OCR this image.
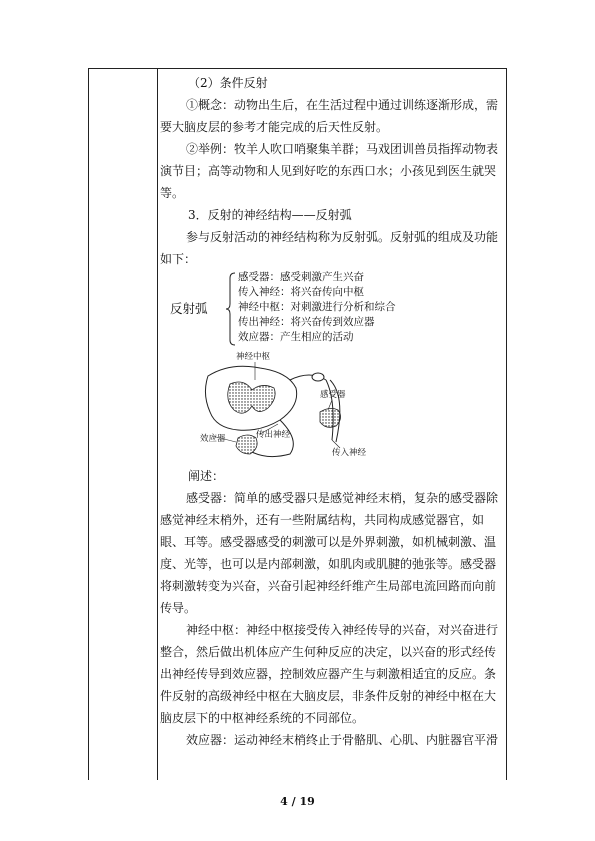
（2）条件反射

①概念：动物出生后，在生活过程中通过训练逐渐形成，需要大脑皮层的参考才能完成的后天性反射。

②举例：牧羊人吹口哨聚集羊群；马戏团训兽员指挥动物表演节目；高等动物和人见到好吃的东西口水；小孩见到医生就哭等。

3．反射的神经结构——反射弧

参与反射活动的神经结构称为反射弧。反射弧的组成及功能如下：

反射弧
感受器：感受刺激产生兴奋
传入神经：将兴奋传向中枢
神经中枢：对刺激进行分析和综合
传出神经：将兴奋传到效应器
效应器：产生相应的活动
神经中枢
感受器
传出神经
效应器
传入神经

阐述：

感受器：简单的感受器只是感觉神经末梢，复杂的感受器除感觉神经末梢外，还有一些附属结构，共同构成感觉器官，如眼、耳等。感受器感受的刺激可以是外界刺激，如机械刺激、温度、光等，也可以是内部刺激，如肌肉或肌腱的弛张等。感受器将刺激转变为兴奋，兴奋引起神经纤维产生局部电流回路而向前传导。

神经中枢：神经中枢接受传入神经传导的兴奋，对兴奋进行整合，然后做出机体应产生何种反应的决定，以兴奋的形式经传出神经传导到效应器，控制效应器产生与刺激相适宜的反应。条件反射的高级神经中枢在大脑皮层，非条件反射的神经中枢在大脑皮层下的中枢神经系统的不同部位。

效应器：运动神经末梢终止于骨骼肌、心肌、内脏器官平滑

4 / 19
